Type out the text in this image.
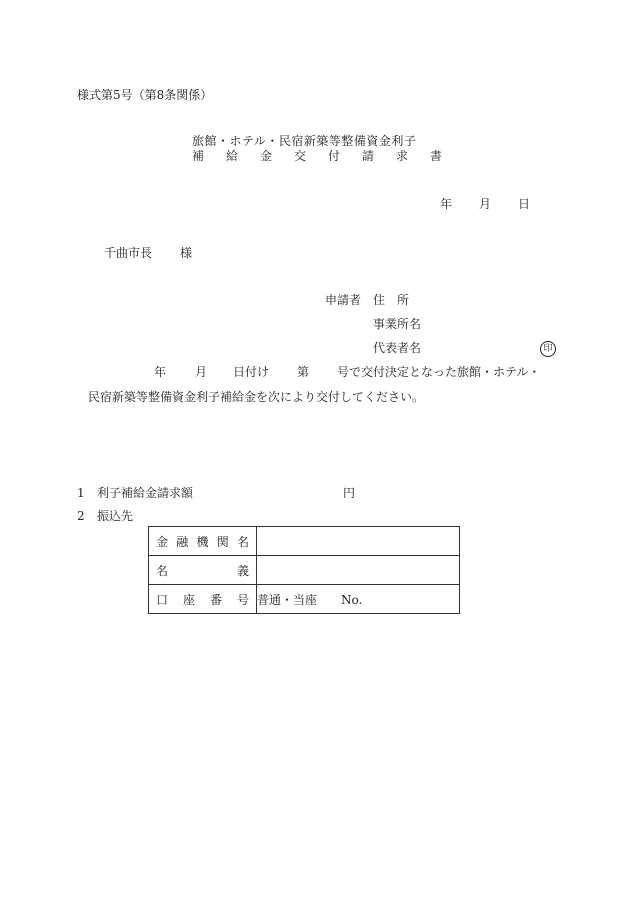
様式第5号（第8条関係）
旅館・ホテル・民宿新築等整備資金利子
補 給 金 交 付 請 求 書
年 月 日
千曲市長 様
申請者 住　所
事業所名
代表者名	印
年 月 日付け 第 号で交付決定となった旅館・ホテル・
民宿新築等整備資金利子補給金を次により交付してください。
1 利子補給金請求額	円
2 振込先
金 融 機 関 名	

名 義	

口 座 番 号	普通・当座　　No.
